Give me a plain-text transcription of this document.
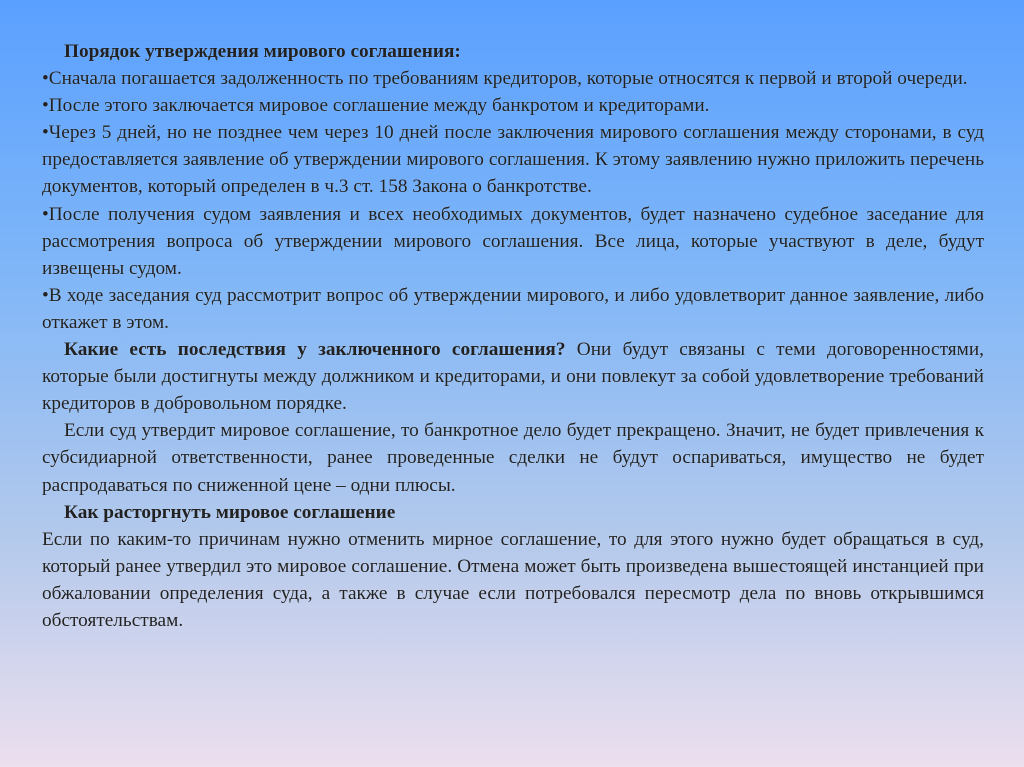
Порядок утверждения мирового соглашения:

•Сначала погашается задолженность по требованиям кредиторов, которые относятся к первой и второй очереди.

•После этого заключается мировое соглашение между банкротом и кредиторами.

•Через 5 дней, но не позднее чем через 10 дней после заключения мирового соглашения между сторонами, в суд предоставляется заявление об утверждении мирового соглашения. К этому заявлению нужно приложить перечень документов, который определен в ч.3 ст. 158 Закона о банкротстве.

•После получения судом заявления и всех необходимых документов, будет назначено судебное заседание для рассмотрения вопроса об утверждении мирового соглашения. Все лица, которые участвуют в деле, будут извещены судом.

•В ходе заседания суд рассмотрит вопрос об утверждении мирового, и либо удовлетворит данное заявление, либо откажет в этом.

Какие есть последствия у заключенного соглашения? Они будут связаны с теми договоренностями, которые были достигнуты между должником и кредиторами, и они повлекут за собой удовлетворение требований кредиторов в добровольном порядке.

Если суд утвердит мировое соглашение, то банкротное дело будет прекращено. Значит, не будет привлечения к субсидиарной ответственности, ранее проведенные сделки не будут оспариваться, имущество не будет распродаваться по сниженной цене – одни плюсы.

Как расторгнуть мировое соглашение

Если по каким-то причинам нужно отменить мирное соглашение, то для этого нужно будет обращаться в суд, который ранее утвердил это мировое соглашение. Отмена может быть произведена вышестоящей инстанцией при обжаловании определения суда, а также в случае если потребовался пересмотр дела по вновь открывшимся обстоятельствам.
